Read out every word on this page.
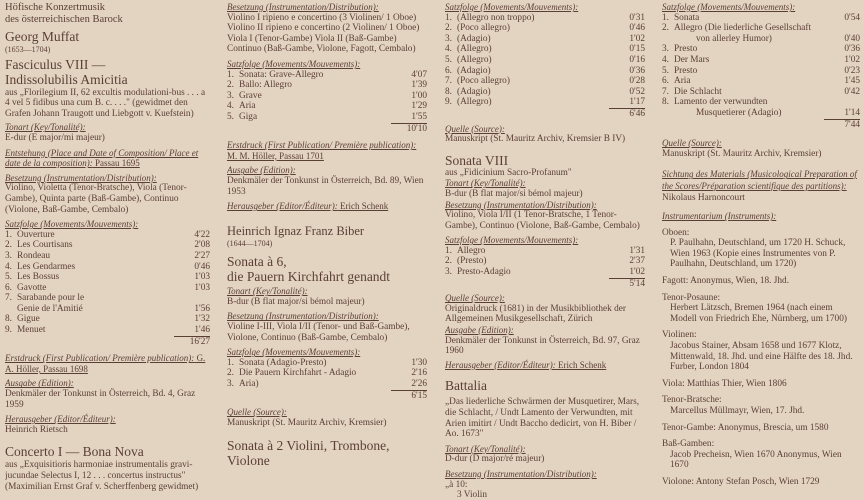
Höfische Konzertmusik
des österreichischen Barock
Georg Muffat
(1653—1704)
Fasciculus VIII —
Indissolubilis Amicitia
aus „Florilegium II, 62 excultis modulationi-bus . . . a 4 vel 5 fidibus una cum B. c. . . ." (gewidmet den Grafen Johann Traugott und Liebgott v. Kuefstein)
Tonart (Key/Tonalité):
E-dur (E major/mi majeur)
Entstehung (Place and Date of Composition/ Place et date de la composition): Passau 1695
Besetzung (Instrumentation/Distribution):
Violino, Violetta (Tenor-Bratsche), Viola (Tenor-Gambe), Quinta parte (Baß-Gambe), Continuo (Violone, Baß-Gambe, Cembalo)
Satzfolge (Movements/Mouvements):
1. Ouverture	4'22
2. Les Courtisans	2'08
3. Rondeau	2'27
4. Les Gendarmes	0'46
5. Les Bossus	1'03
6. Gavotte	1'03
7. Sarabande pour le
Genie de l'Amitié	1'56
8. Gigue	1'32
9. Menuet	1'46
16'27
Erstdruck (First Publication/ Première publication): G. A. Höller, Passau 1698
Ausgabe (Edition):
Denkmäler der Tonkunst in Österreich, Bd. 4, Graz 1959
Herausgeber (Editor/Éditeur):
Heinrich Rietsch
Concerto I — Bona Nova
aus „Exquisitioris harmoniae instrumentalis gravi-jucundae Selectus I, 12 . . . concertus instructus" (Maximilian Ernst Graf v. Scherffenberg gewidmet)
Besetzung (Instrumentation/Distribution):
Violino I ripieno e concertino (3 Violinen/ 1 Oboe) Violino II ripieno e concertino (2 Violinen/ 1 Oboe) Viola I (Tenor-Gambe) Viola II (Baß-Gambe) Continuo (Baß-Gambe, Violone, Fagott, Cembalo)
Satzfolge (Movements/Mouvements):
1. Sonata: Grave-Allegro	4'07
2. Ballo: Allegro	1'39
3. Grave	1'00
4. Aria	1'29
5. Giga	1'55
10'10
Erstdruck (First Publication/ Première publication): M. M. Höller, Passau 1701
Ausgabe (Edition):
Denkmäler der Tonkunst in Österreich, Bd. 89, Wien 1953
Herausgeber (Editor/Éditeur): Erich Schenk
Heinrich Ignaz Franz Biber
(1644—1704)
Sonata à 6,
die Pauern Kirchfahrt genandt
Tonart (Key/Tonalité):
B-dur (B flat major/si bémol majeur)
Besetzung (Instrumentation/Distribution):
Violine I-III, Viola I/II (Tenor- und Baß-Gambe), Violone, Continuo (Baß-Gambe, Cembalo)
Satzfolge (Movements/Mouvements):
1. Sonata (Adagio-Presto)	1'30
2. Die Pauern Kirchfahrt - Adagio	2'16
3. Aria)	2'26
6'15
Quelle (Source):
Manuskript (St. Mauritz Archiv, Kremsier)
Sonata à 2 Violini, Trombone,
Violone
Satzfolge (Movements/Mouvements):
1. (Allegro non troppo)	0'31
2. (Poco allegro)	0'46
3. (Adagio)	1'02
4. (Allegro)	0'15
5. (Allegro)	0'16
6. (Adagio)	0'36
7. (Poco allegro)	0'28
8. (Adagio)	0'52
9. (Allegro)	1'17
6'46
Quelle (Source):
Manuskript (St. Mauritz Archiv, Kremsier B IV)
Sonata VIII
aus „Fidicinium Sacro-Profanum"
Tonart (Key/Tonalité):
B-dur (B flat major/si bémol majeur)
Besetzung (Instrumentation/Distribution):
Violino, Viola I/II (1 Tenor-Bratsche, 1 Tenor-Gambe), Continuo (Violone, Baß-Gambe, Cembalo)
Satzfolge (Movements/Mouvements):
1. Allegro	1'31
2. (Presto)	2'37
3. Presto-Adagio	1'02
5'14
Quelle (Source):
Originaldruck (1681) in der Musikbibliothek der Allgemeinen Musikgesellschaft, Zürich
Ausgabe (Edition):
Denkmäler der Tonkunst in Österreich, Bd. 97, Graz 1960
Herausgeber (Editor/Éditeur): Erich Schenk
Battalia
„Das liederliche Schwärmen der Musquetirer, Mars, die Schlacht, / Undt Lamento der Verwundten, mit Arien imitirt / Undt Baccho dedicirt, von H. Biber / Ao. 1673"
Tonart (Key/Tonalité):
D-dur (D major/ré majeur)
Besetzung (Instrumentation/Distribution):
„à 10:
3 Violin
Satzfolge (Movements/Mouvements):
1. Sonata	0'54
2. Allegro (Die liederliche Gesellschaft
von allerley Humor)	0'40
3. Presto	0'36
4. Der Mars	1'02
5. Presto	0'23
6. Aria	1'45
7. Die Schlacht	0'42
8. Lamento der verwundten
Musquetierer (Adagio)	1'14
7'44
Quelle (Source):
Manuskript (St. Mauritz Archiv, Kremsier)
Sichtung des Materials (Musicological Preparation of the Scores/Préparation scientifique des partitions): Nikolaus Harnoncourt
Instrumentarium (Instruments):
Oboen:
P. Paulhahn, Deutschland, um 1720 H. Schuck, Wien 1963 (Kopie eines Instrumentes von P. Paulhahn, Deutschland, um 1720)
Fagott: Anonymus, Wien, 18. Jhd.
Tenor-Posaune:
Herbert Lätzsch, Bremen 1964 (nach einem Modell von Friedrich Ehe, Nürnberg, um 1700)
Violinen:
Jacobus Stainer, Absam 1658 und 1677 Klotz, Mittenwald, 18. Jhd. und eine Hälfte des 18. Jhd. Furber, London 1804
Viola: Matthias Thier, Wien 1806
Tenor-Bratsche:
Marcellus Müllmayr, Wien, 17. Jhd.
Tenor-Gambe: Anonymus, Brescia, um 1580
Baß-Gamben:
Jacob Precheisn, Wien 1670 Anonymus, Wien 1670
Violone: Antony Stefan Posch, Wien 1729
